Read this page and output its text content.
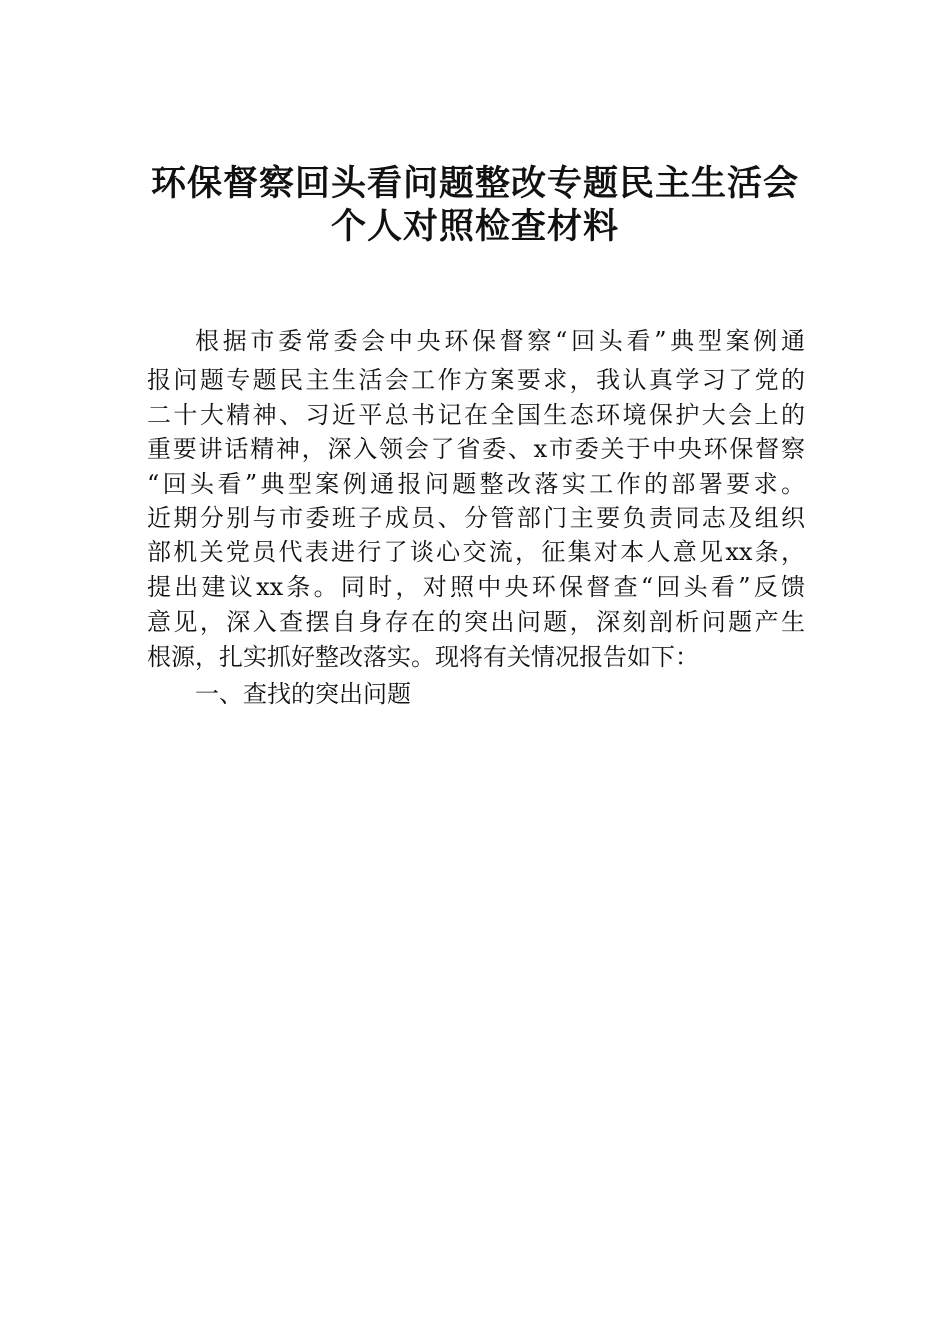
环保督察回头看问题整改专题民主生活会
个人对照检查材料
根据市委常委会中央环保督察“回头看”典型案例通
报问题专题民主生活会工作方案要求，我认真学习了党的
二十大精神、习近平总书记在全国生态环境保护大会上的
重要讲话精神，深入领会了省委、x市委关于中央环保督察
“回头看”典型案例通报问题整改落实工作的部署要求。
近期分别与市委班子成员、分管部门主要负责同志及组织
部机关党员代表进行了谈心交流，征集对本人意见xx条，
提出建议xx条。同时，对照中央环保督查“回头看”反馈
意见，深入查摆自身存在的突出问题，深刻剖析问题产生
根源，扎实抓好整改落实。现将有关情况报告如下：
一、查找的突出问题
